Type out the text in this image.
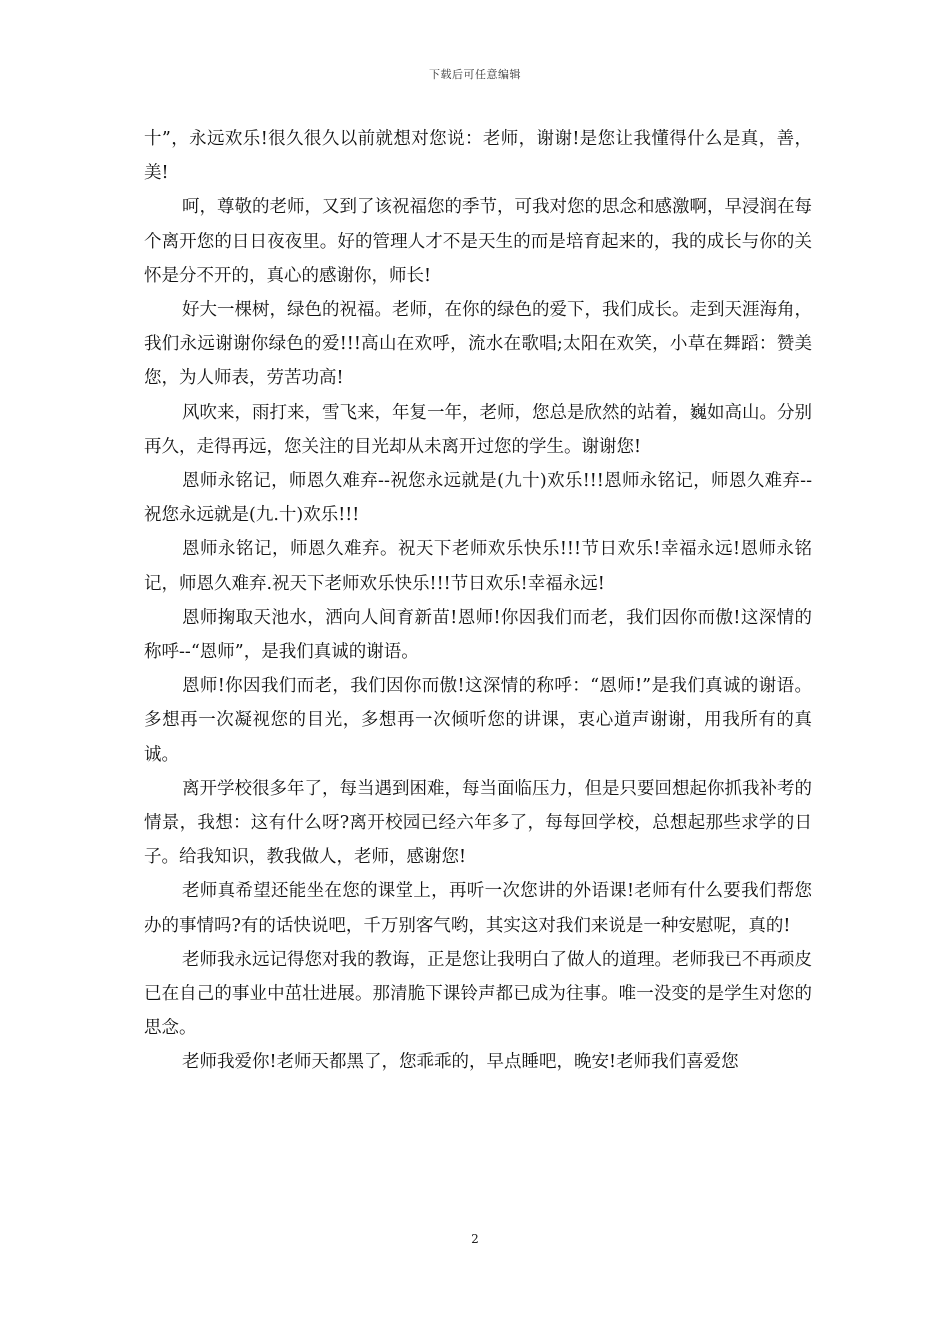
下载后可任意编辑

十”，永远欢乐!很久很久以前就想对您说：老师，谢谢!是您让我懂得什么是真，善，美!

呵，尊敬的老师，又到了该祝福您的季节，可我对您的思念和感激啊，早浸润在每个离开您的日日夜夜里。好的管理人才不是天生的而是培育起来的，我的成长与你的关怀是分不开的，真心的感谢你，师长!

好大一棵树，绿色的祝福。老师，在你的绿色的爱下，我们成长。走到天涯海角，我们永远谢谢你绿色的爱!!!高山在欢呼，流水在歌唱;太阳在欢笑，小草在舞蹈：赞美您，为人师表，劳苦功高!

风吹来，雨打来，雪飞来，年复一年，老师，您总是欣然的站着，巍如高山。分别再久，走得再远，您关注的目光却从未离开过您的学生。谢谢您!

恩师永铭记，师恩久难弃--祝您永远就是(九十)欢乐!!!恩师永铭记，师恩久难弃--祝您永远就是(九.十)欢乐!!!

恩师永铭记，师恩久难弃。祝天下老师欢乐快乐!!!节日欢乐!幸福永远!恩师永铭记，师恩久难弃.祝天下老师欢乐快乐!!!节日欢乐!幸福永远!

恩师掬取天池水，洒向人间育新苗!恩师!你因我们而老，我们因你而傲!这深情的称呼--“恩师”，是我们真诚的谢语。

恩师!你因我们而老，我们因你而傲!这深情的称呼：“恩师!”是我们真诚的谢语。多想再一次凝视您的目光，多想再一次倾听您的讲课，衷心道声谢谢，用我所有的真诚。

离开学校很多年了，每当遇到困难，每当面临压力，但是只要回想起你抓我补考的情景，我想：这有什么呀?离开校园已经六年多了，每每回学校，总想起那些求学的日子。给我知识，教我做人，老师，感谢您!

老师真希望还能坐在您的课堂上，再听一次您讲的外语课!老师有什么要我们帮您办的事情吗?有的话快说吧，千万别客气哟，其实这对我们来说是一种安慰呢，真的!

老师我永远记得您对我的教诲，正是您让我明白了做人的道理。老师我已不再顽皮已在自己的事业中茁壮进展。那清脆下课铃声都已成为往事。唯一没变的是学生对您的思念。

老师我爱你!老师天都黑了，您乖乖的，早点睡吧，晚安!老师我们喜爱您

2
